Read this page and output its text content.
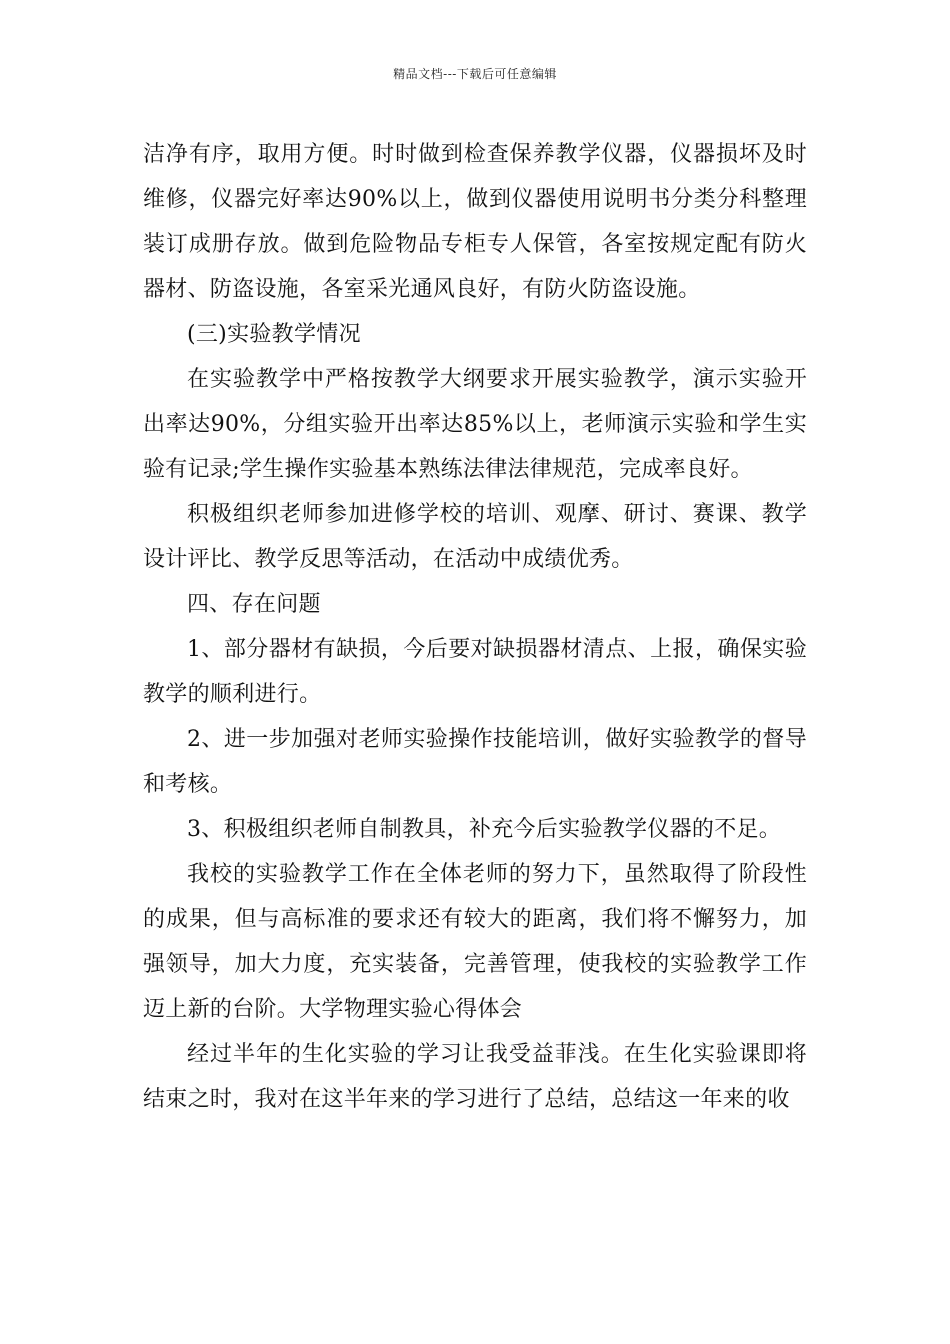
精品文档---下载后可任意编辑

洁净有序，取用方便。时时做到检查保养教学仪器，仪器损坏及时维修，仪器完好率达90%以上，做到仪器使用说明书分类分科整理装订成册存放。做到危险物品专柜专人保管，各室按规定配有防火器材、防盗设施，各室采光通风良好，有防火防盗设施。

(三)实验教学情况

在实验教学中严格按教学大纲要求开展实验教学，演示实验开出率达90%，分组实验开出率达85%以上，老师演示实验和学生实验有记录;学生操作实验基本熟练法律法律规范，完成率良好。

积极组织老师参加进修学校的培训、观摩、研讨、赛课、教学设计评比、教学反思等活动，在活动中成绩优秀。

四、存在问题

1、部分器材有缺损，今后要对缺损器材清点、上报，确保实验教学的顺利进行。

2、进一步加强对老师实验操作技能培训，做好实验教学的督导和考核。

3、积极组织老师自制教具，补充今后实验教学仪器的不足。

我校的实验教学工作在全体老师的努力下，虽然取得了阶段性的成果，但与高标准的要求还有较大的距离，我们将不懈努力，加强领导，加大力度，充实装备，完善管理，使我校的实验教学工作迈上新的台阶。大学物理实验心得体会

经过半年的生化实验的学习让我受益菲浅。在生化实验课即将结束之时，我对在这半年来的学习进行了总结，总结这一年来的收
